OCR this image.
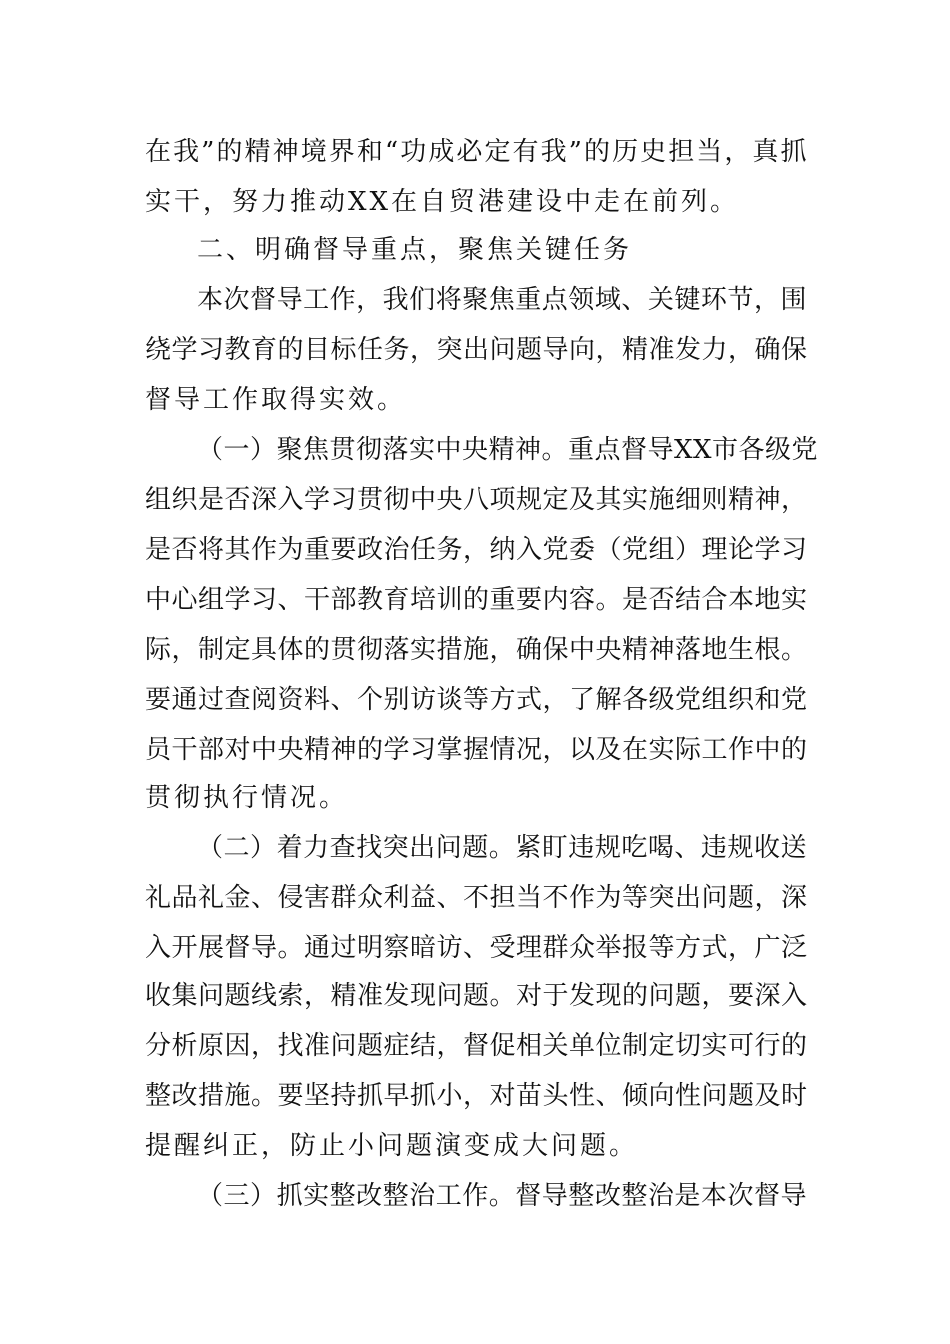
在我”的精神境界和“功成必定有我”的历史担当，真抓
实干，努力推动XX在自贸港建设中走在前列。
二、明确督导重点，聚焦关键任务
本次督导工作，我们将聚焦重点领域、关键环节，围
绕学习教育的目标任务，突出问题导向，精准发力，确保
督导工作取得实效。
（一）聚焦贯彻落实中央精神。重点督导XX市各级党
组织是否深入学习贯彻中央八项规定及其实施细则精神，
是否将其作为重要政治任务，纳入党委（党组）理论学习
中心组学习、干部教育培训的重要内容。是否结合本地实
际，制定具体的贯彻落实措施，确保中央精神落地生根。
要通过查阅资料、个别访谈等方式，了解各级党组织和党
员干部对中央精神的学习掌握情况，以及在实际工作中的
贯彻执行情况。
（二）着力查找突出问题。紧盯违规吃喝、违规收送
礼品礼金、侵害群众利益、不担当不作为等突出问题，深
入开展督导。通过明察暗访、受理群众举报等方式，广泛
收集问题线索，精准发现问题。对于发现的问题，要深入
分析原因，找准问题症结，督促相关单位制定切实可行的
整改措施。要坚持抓早抓小，对苗头性、倾向性问题及时
提醒纠正，防止小问题演变成大问题。
（三）抓实整改整治工作。督导整改整治是本次督导
